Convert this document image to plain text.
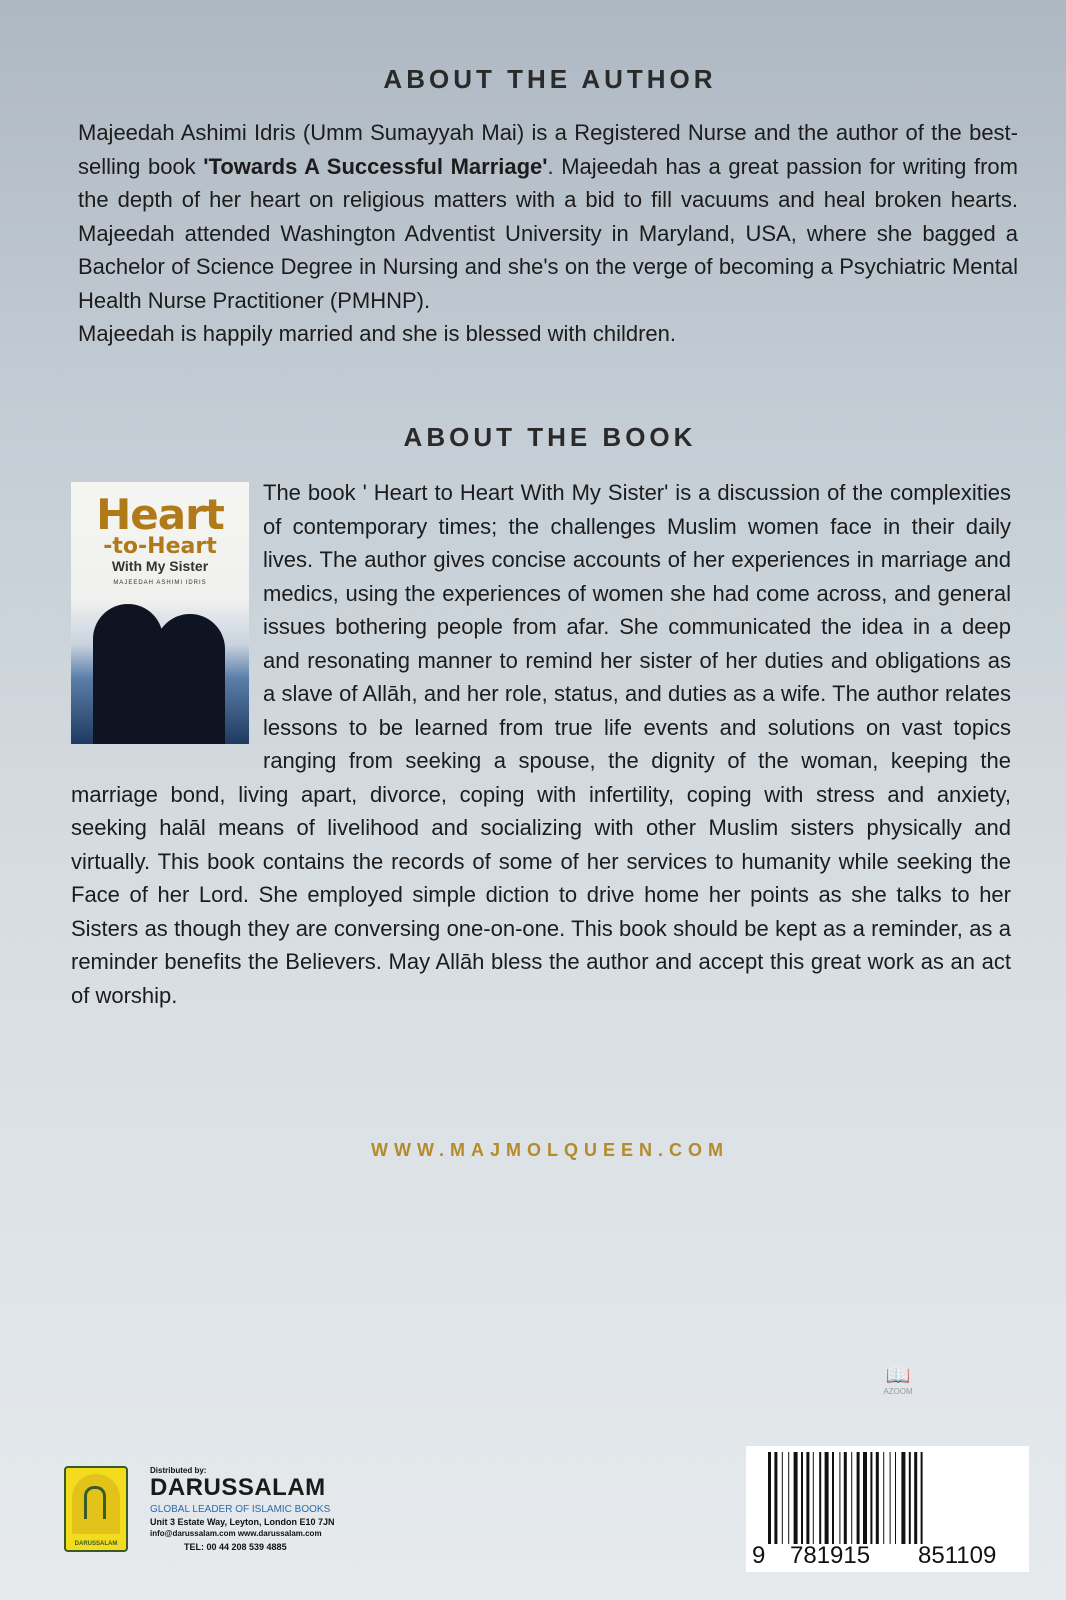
ABOUT THE AUTHOR

Majeedah Ashimi Idris (Umm Sumayyah Mai) is a Registered Nurse and the author of the best-selling book 'Towards A Successful Marriage'. Majeedah has a great passion for writing from the depth of her heart on religious matters with a bid to fill vacuums and heal broken hearts. Majeedah attended Washington Adventist University in Maryland, USA, where she bagged a Bachelor of Science Degree in Nursing and she's on the verge of becoming a Psychiatric Mental Health Nurse Practitioner (PMHNP).
Majeedah is happily married and she is blessed with children.

ABOUT THE BOOK
Heart
-to-Heart
With My Sister
MAJEEDAH ASHIMI IDRIS

The book ' Heart to Heart With My Sister' is a discussion of the complexities of contemporary times; the challenges Muslim women face in their daily lives. The author gives concise accounts of her experiences in marriage and medics, using the experiences of women she had come across, and general issues bothering people from afar. She communicated the idea in a deep and resonating manner to remind her sister of her duties and obligations as a slave of Allāh, and her role, status, and duties as a wife. The author relates lessons to be learned from true life events and solutions on vast topics ranging from seeking a spouse, the dignity of the woman, keeping the marriage bond, living apart, divorce, coping with infertility, coping with stress and anxiety, seeking halāl means of livelihood and socializing with other Muslim sisters physically and virtually. This book contains the records of some of her services to humanity while seeking the Face of her Lord. She employed simple diction to drive home her points as she talks to her Sisters as though they are conversing one-on-one. This book should be kept as a reminder, as a reminder benefits the Believers. May Allāh bless the author and accept this great work as an act of worship.

WWW.MAJMOLQUEEN.COM
📖
AZOOM
DARUSSALAM
Distributed by:
DARUSSALAM
GLOBAL LEADER OF ISLAMIC BOOKS
Unit 3 Estate Way, Leyton, London E10 7JN
info@darussalam.com www.darussalam.com
TEL: 00 44 208 539 4885	9 781915 851109
